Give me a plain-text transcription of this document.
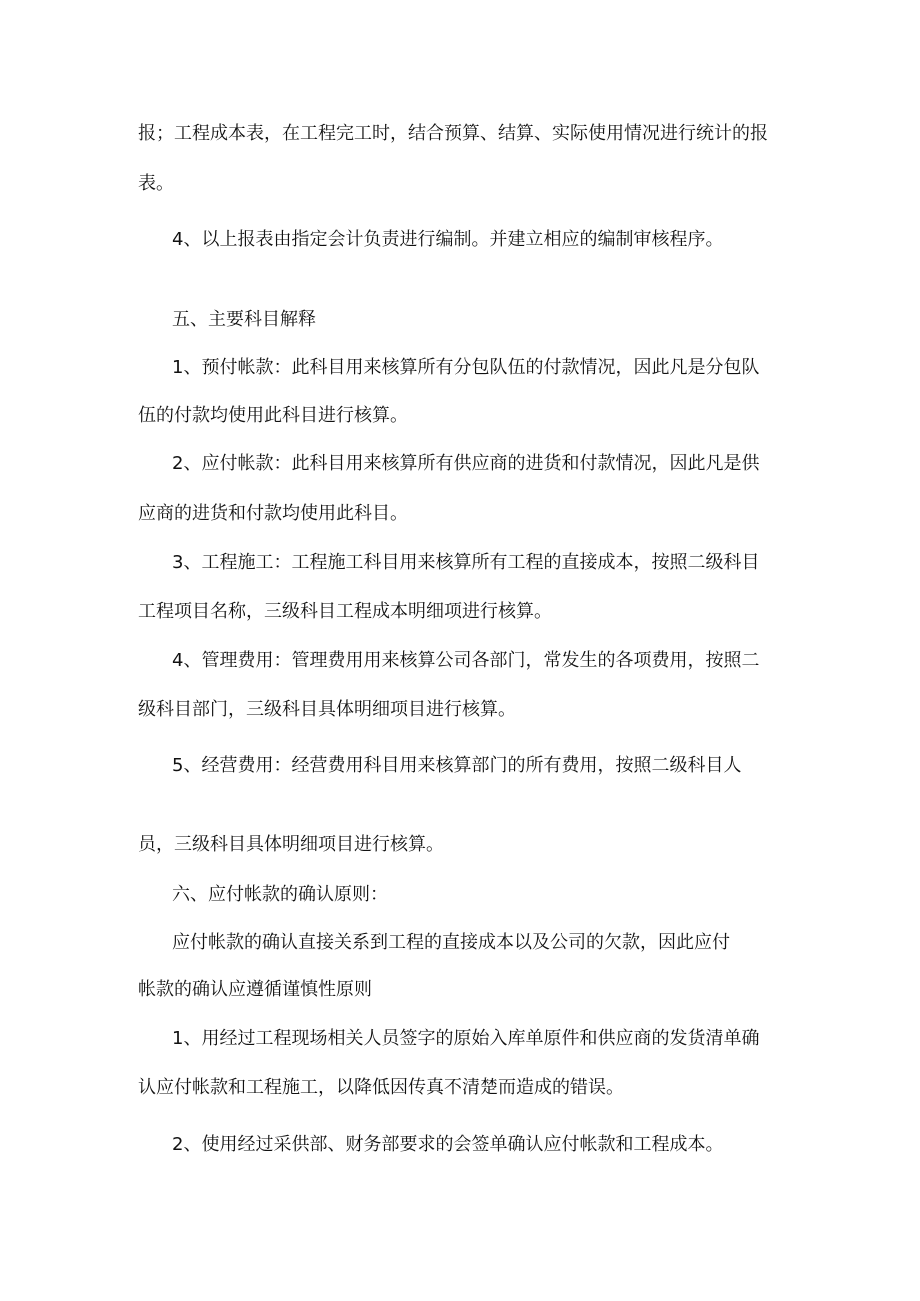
报；工程成本表，在工程完工时，结合预算、结算、实际使用情况进行统计的报
表。
4、以上报表由指定会计负责进行编制。并建立相应的编制审核程序。
五、主要科目解释
1、预付帐款：此科目用来核算所有分包队伍的付款情况，因此凡是分包队
伍的付款均使用此科目进行核算。
2、应付帐款：此科目用来核算所有供应商的进货和付款情况，因此凡是供
应商的进货和付款均使用此科目。
3、工程施工：工程施工科目用来核算所有工程的直接成本，按照二级科目
工程项目名称，三级科目工程成本明细项进行核算。
4、管理费用：管理费用用来核算公司各部门，常发生的各项费用，按照二
级科目部门，三级科目具体明细项目进行核算。
5、经营费用：经营费用科目用来核算部门的所有费用，按照二级科目人
员，三级科目具体明细项目进行核算。
六、应付帐款的确认原则：
应付帐款的确认直接关系到工程的直接成本以及公司的欠款，因此应付
帐款的确认应遵循谨慎性原则
1、用经过工程现场相关人员签字的原始入库单原件和供应商的发货清单确
认应付帐款和工程施工，以降低因传真不清楚而造成的错误。
2、使用经过采供部、财务部要求的会签单确认应付帐款和工程成本。
